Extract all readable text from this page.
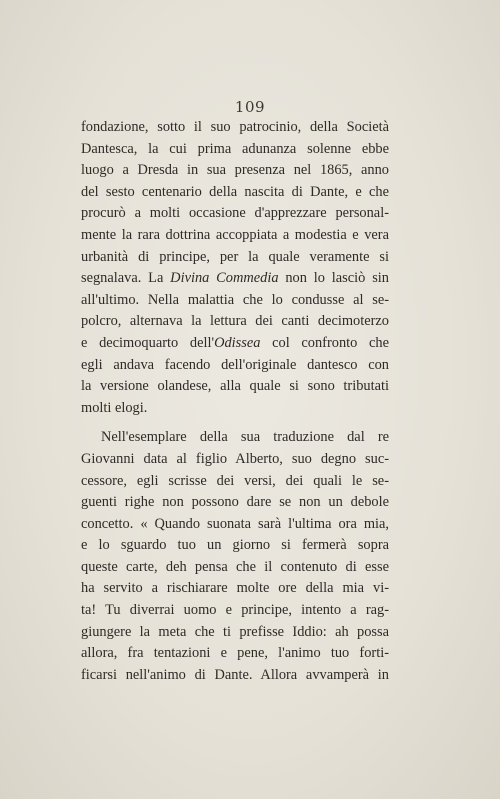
109
fondazione, sotto il suo patrocinio, della Società
Dantesca, la cui prima adunanza solenne ebbe
luogo a Dresda in sua presenza nel 1865, anno
del sesto centenario della nascita di Dante, e che
procurò a molti occasione d'apprezzare personal-
mente la rara dottrina accoppiata a modestia e vera
urbanità di principe, per la quale veramente si
segnalava. La Divina Commedia non lo lasciò sin
all'ultimo. Nella malattia che lo condusse al se-
polcro, alternava la lettura dei canti decimoterzo
e decimoquarto dell'Odissea col confronto che
egli andava facendo dell'originale dantesco con
la versione olandese, alla quale si sono tributati
molti elogi.
Nell'esemplare della sua traduzione dal re
Giovanni data al figlio Alberto, suo degno suc-
cessore, egli scrisse dei versi, dei quali le se-
guenti righe non possono dare se non un debole
concetto. « Quando suonata sarà l'ultima ora mia,
e lo sguardo tuo un giorno si fermerà sopra
queste carte, deh pensa che il contenuto di esse
ha servito a rischiarare molte ore della mia vi-
ta! Tu diverrai uomo e principe, intento a rag-
giungere la meta che ti prefisse Iddio: ah possa
allora, fra tentazioni e pene, l'animo tuo forti-
ficarsi nell'animo di Dante. Allora avvamperà in
